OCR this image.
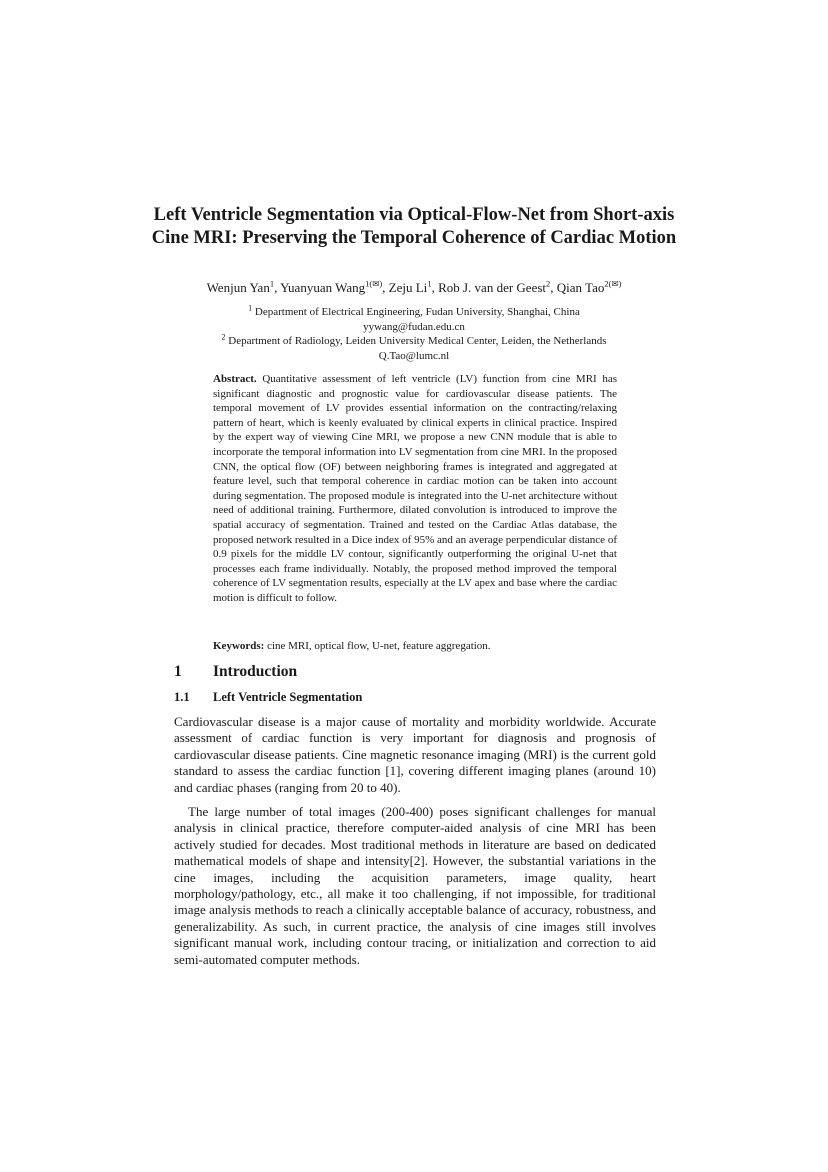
Left Ventricle Segmentation via Optical-Flow-Net from Short-axis Cine MRI: Preserving the Temporal Coherence of Cardiac Motion
Wenjun Yan$^1$, Yuanyuan Wang$^{1(✉)}$, Zeju Li$^1$, Rob J. van der Geest$^2$, Qian Tao$^{2(✉)}$
$^1$ Department of Electrical Engineering, Fudan University, Shanghai, China
yywang@fudan.edu.cn
$^2$ Department of Radiology, Leiden University Medical Center, Leiden, the Netherlands
Q.Tao@lumc.nl

Abstract. Quantitative assessment of left ventricle (LV) function from cine MRI has significant diagnostic and prognostic value for cardiovascular disease patients. The temporal movement of LV provides essential information on the contracting/relaxing pattern of heart, which is keenly evaluated by clinical experts in clinical practice. Inspired by the expert way of viewing Cine MRI, we propose a new CNN module that is able to incorporate the temporal information into LV segmentation from cine MRI. In the proposed CNN, the optical flow (OF) between neighboring frames is integrated and aggregated at feature level, such that temporal coherence in cardiac motion can be taken into account during segmentation. The proposed module is integrated into the U-net architecture without need of additional training. Furthermore, dilated convolution is introduced to improve the spatial accuracy of segmentation. Trained and tested on the Cardiac Atlas database, the proposed network resulted in a Dice index of 95% and an average perpendicular distance of 0.9 pixels for the middle LV contour, significantly outperforming the original U-net that processes each frame individually. Notably, the proposed method improved the temporal coherence of LV segmentation results, especially at the LV apex and base where the cardiac motion is difficult to follow.

Keywords: cine MRI, optical flow, U-net, feature aggregation.

1 Introduction
1.1 Left Ventricle Segmentation

Cardiovascular disease is a major cause of mortality and morbidity worldwide. Accurate assessment of cardiac function is very important for diagnosis and prognosis of cardiovascular disease patients. Cine magnetic resonance imaging (MRI) is the current gold standard to assess the cardiac function [1], covering different imaging planes (around 10) and cardiac phases (ranging from 20 to 40).

The large number of total images (200-400) poses significant challenges for manual analysis in clinical practice, therefore computer-aided analysis of cine MRI has been actively studied for decades. Most traditional methods in literature are based on dedicated mathematical models of shape and intensity[2]. However, the substantial variations in the cine images, including the acquisition parameters, image quality, heart morphology/pathology, etc., all make it too challenging, if not impossible, for traditional image analysis methods to reach a clinically acceptable balance of accuracy, robustness, and generalizability. As such, in current practice, the analysis of cine images still involves significant manual work, including contour tracing, or initialization and correction to aid semi-automated computer methods.
